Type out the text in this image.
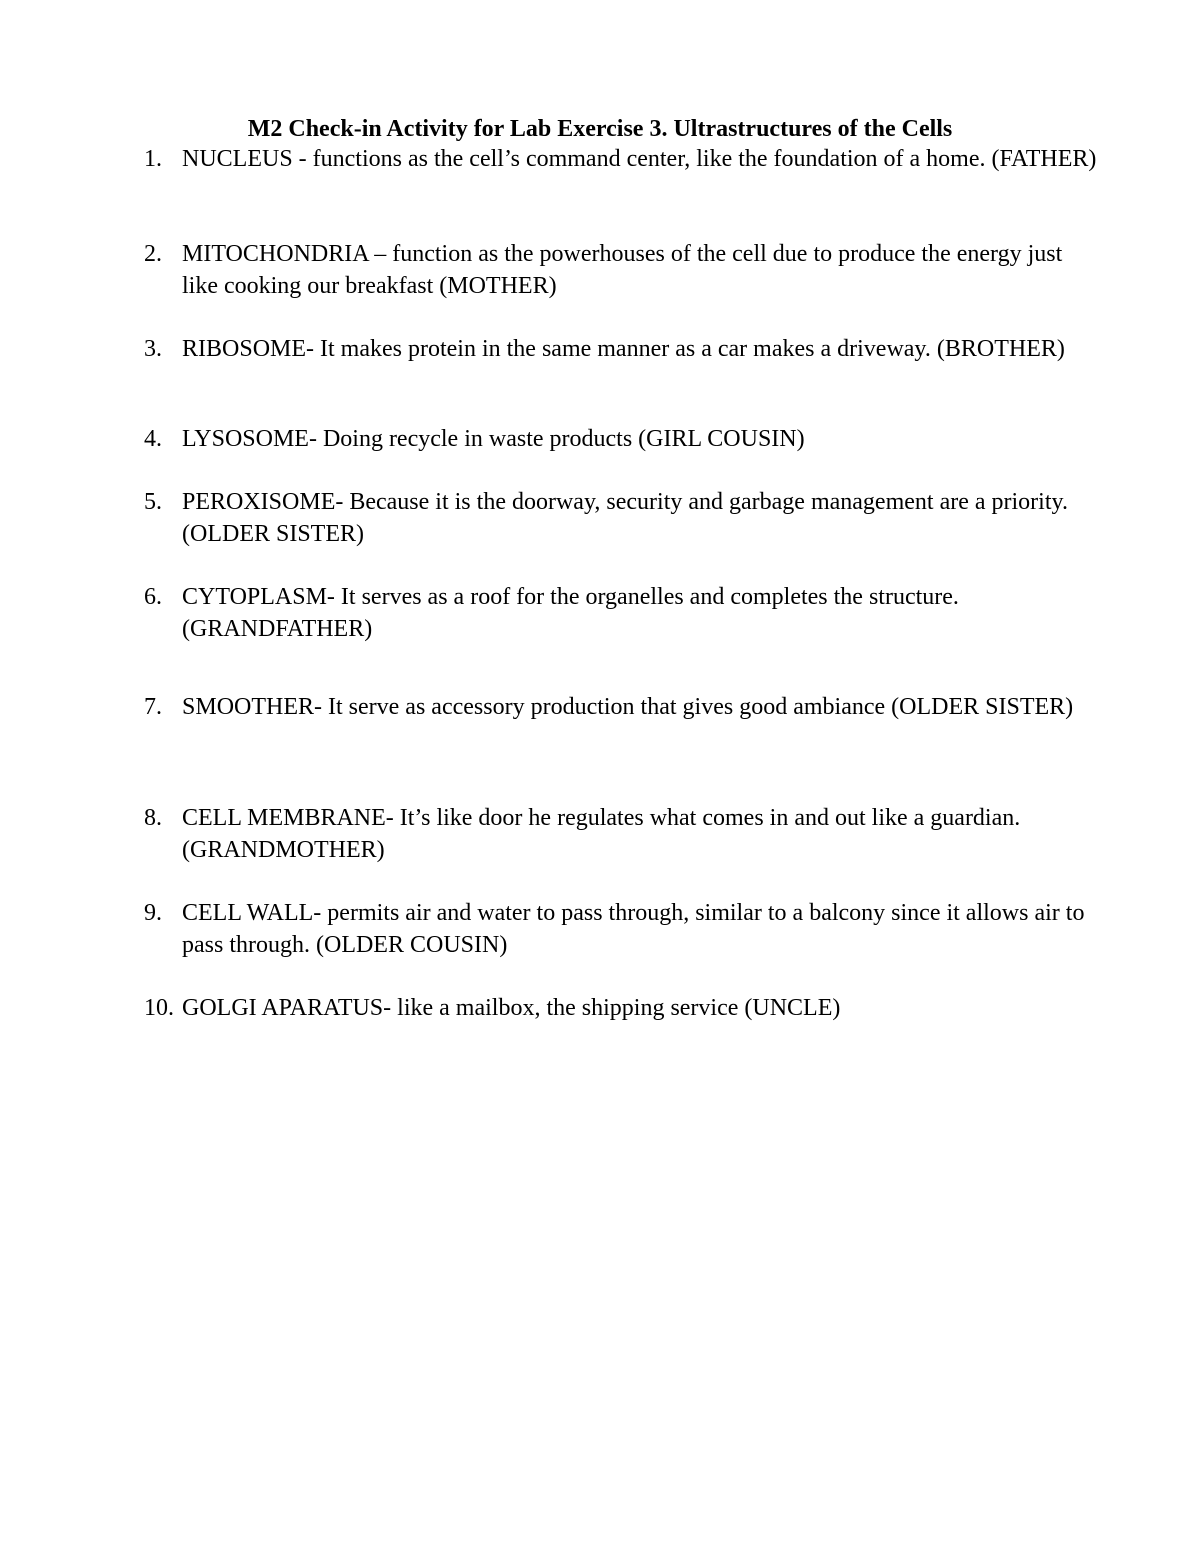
M2 Check-in Activity for Lab Exercise 3. Ultrastructures of the Cells
1. NUCLEUS - functions as the cell’s command center, like the foundation of a home. (FATHER)
2. MITOCHONDRIA – function as the powerhouses of the cell due to produce the energy just like cooking our breakfast (MOTHER)
3. RIBOSOME- It makes protein in the same manner as a car makes a driveway. (BROTHER)
4. LYSOSOME- Doing recycle in waste products (GIRL COUSIN)
5. PEROXISOME- Because it is the doorway, security and garbage management are a priority. (OLDER SISTER)
6. CYTOPLASM- It serves as a roof for the organelles and completes the structure. (GRANDFATHER)
7. SMOOTHER- It serve as accessory production that gives good ambiance (OLDER SISTER)
8. CELL MEMBRANE- It’s like door he regulates what comes in and out like a guardian. (GRANDMOTHER)
9. CELL WALL- permits air and water to pass through, similar to a balcony since it allows air to pass through. (OLDER COUSIN)
10. GOLGI APARATUS- like a mailbox, the shipping service (UNCLE)
